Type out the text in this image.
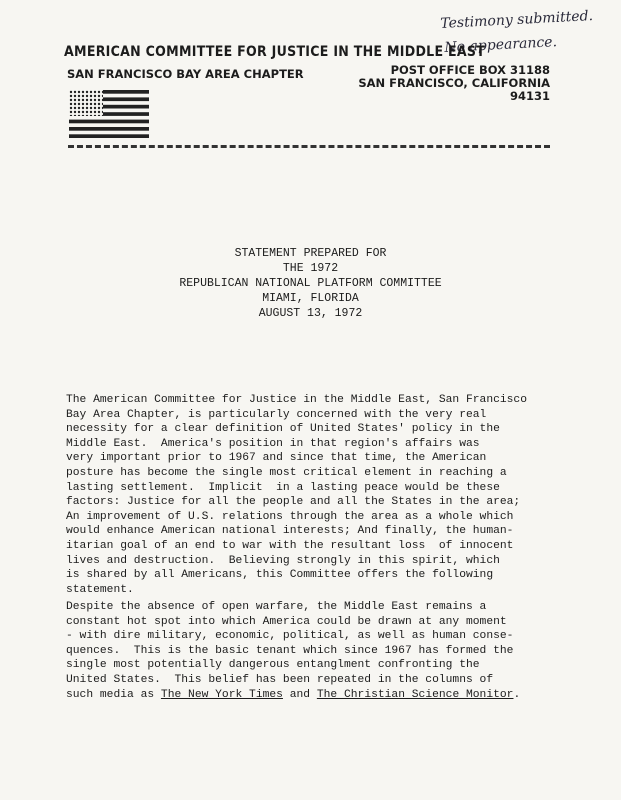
Testimony submitted.
No appearance.
AMERICAN COMMITTEE FOR JUSTICE IN THE MIDDLE EAST
SAN FRANCISCO BAY AREA CHAPTER	POST OFFICE BOX 31188
SAN FRANCISCO, CALIFORNIA
94131
STATEMENT PREPARED FOR
THE 1972
REPUBLICAN NATIONAL PLATFORM COMMITTEE
MIAMI, FLORIDA
AUGUST 13, 1972
The American Committee for Justice in the Middle East, San Francisco
Bay Area Chapter, is particularly concerned with the very real
necessity for a clear definition of United States' policy in the
Middle East.  America's position in that region's affairs was
very important prior to 1967 and since that time, the American
posture has become the single most critical element in reaching a
lasting settlement.  Implicit  in a lasting peace would be these
factors: Justice for all the people and all the States in the area;
An improvement of U.S. relations through the area as a whole which
would enhance American national interests; And finally, the human-
itarian goal of an end to war with the resultant loss  of innocent
lives and destruction.  Believing strongly in this spirit, which
is shared by all Americans, this Committee offers the following
statement.
Despite the absence of open warfare, the Middle East remains a
constant hot spot into which America could be drawn at any moment
- with dire military, economic, political, as well as human conse-
quences.  This is the basic tenant which since 1967 has formed the
single most potentially dangerous entanglment confronting the
United States.  This belief has been repeated in the columns of
such media as The New York Times and The Christian Science Monitor.
